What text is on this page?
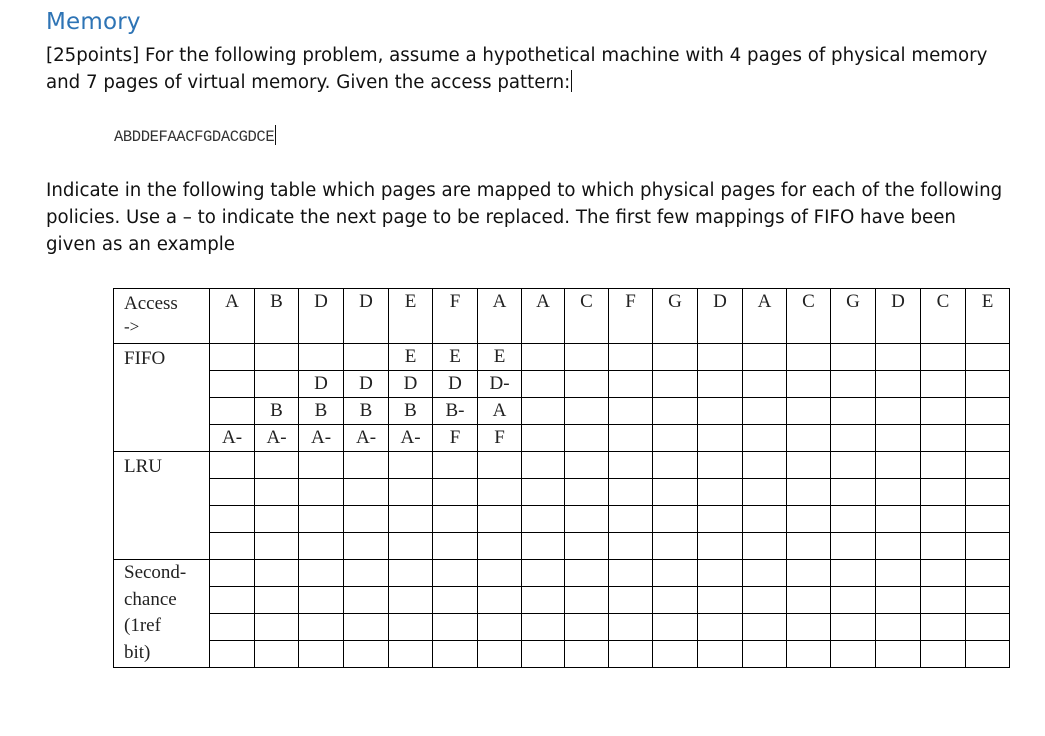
Memory
[25points] For the following problem, assume a hypothetical machine with 4 pages of physical memory and 7 pages of virtual memory. Given the access pattern:
ABDDEFAACFGDACGDCE
Indicate in the following table which pages are mapped to which physical pages for each of the following policies. Use a – to indicate the next page to be replaced. The first few mappings of FIFO have been given as an example
Access	A	B	D	D	E	F	A	A	C	F	G	D	A	C	G	D	C	E
->																		
FIFO					E	E	E											
			D	D	D	D	D-											
		B	B	B	B	B-	A											
	A-	A-	A-	A-	A-	F	F											
LRU																		

Second-
chance
(1ref
bit)																		
